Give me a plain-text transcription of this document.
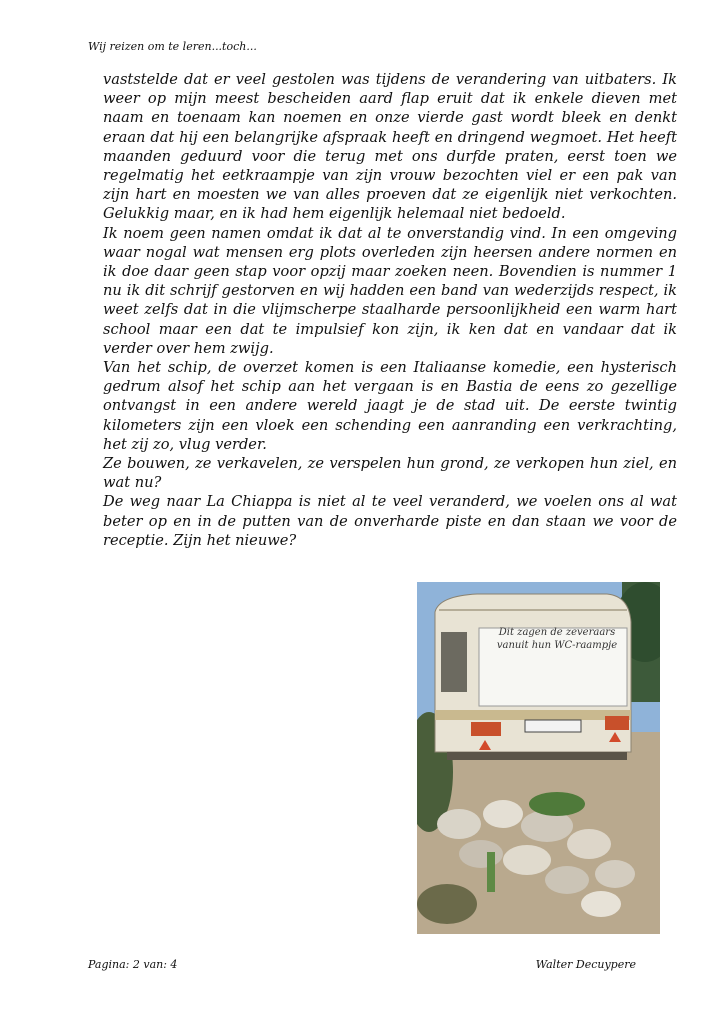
Wij reizen om te leren...toch...

vaststelde dat er veel gestolen was tijdens de verandering van uitbaters. Ik weer op mijn meest bescheiden aard flap eruit dat ik enkele dieven met naam en toenaam kan noemen en onze vierde gast wordt bleek en denkt eraan dat hij een belangrijke afspraak heeft en dringend wegmoet. Het heeft maanden geduurd voor die terug met ons durfde praten, eerst toen we regelmatig het eetkraampje van zijn vrouw bezochten viel er een pak van zijn hart en moesten we van alles proeven dat ze eigenlijk niet verkochten. Gelukkig maar, en ik had hem eigenlijk helemaal niet bedoeld.

Ik noem geen namen omdat ik dat al te onverstandig vind. In een omgeving waar nogal wat mensen erg plots overleden zijn heersen andere normen en ik doe daar geen stap voor opzij maar zoeken neen. Bovendien is nummer 1 nu ik dit schrijf gestorven en wij hadden een band van wederzijds respect, ik weet zelfs dat in die vlijmscherpe staalharde persoonlijkheid een warm hart school maar een dat te impulsief kon zijn, ik ken dat en vandaar dat ik verder over hem zwijg.

Van het schip, de overzet komen is een Italiaanse komedie, een hysterisch gedrum alsof het schip aan het vergaan is en Bastia de eens zo gezellige ontvangst in een andere wereld jaagt je de stad uit. De eerste twintig kilometers zijn een vloek een schending een aanranding een verkrachting, het zij zo, vlug verder.

Ze bouwen, ze verkavelen, ze verspelen hun grond, ze verkopen hun ziel, en wat nu?

De weg naar La Chiappa is niet al te veel veranderd, we voelen ons al wat beter op en in de putten van de onverharde piste en dan staan we voor de receptie. Zijn het nieuwe?

Dit zagen de zeveraars vanuit hun WC-raampje
Pagina: 2 van: 4	Walter Decuypere
